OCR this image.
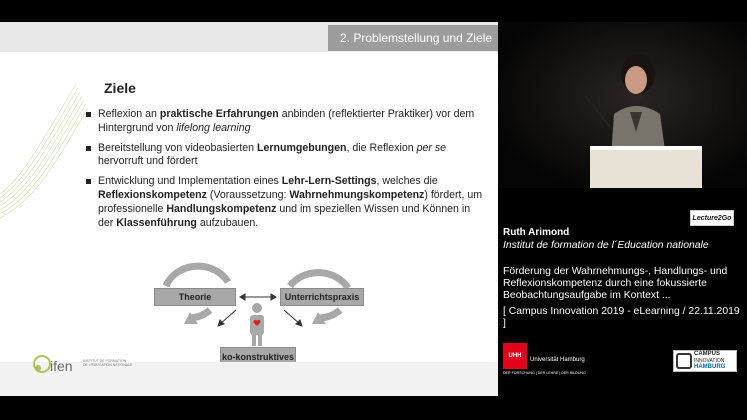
2. Problemstellung und Ziele
Ziele
Reflexion an praktische Erfahrungen anbinden (reflektierter Praktiker) vor dem Hintergrund von lifelong learning
Bereitstellung von videobasierten Lernumgebungen, die Reflexion per se hervorruft und fördert
Entwicklung und Implementation eines Lehr-Lern-Settings, welches die Reflexionskompetenz (Voraussetzung: Wahrnehmungskompetenz) fördert, um professionelle Handlungskompetenz und im speziellen Wissen und Können in der Klassenführung aufzubauen.
Theorie	Unterrichtspraxis
ko-konstruktives

ifen	INSTITUT DE FORMATION
DE L'ÉDUCATION NATIONALE
Lecture2Go
Ruth Arimond
Institut de formation de l´Education nationale
Förderung der Wahrnehmungs-, Handlungs- und Reflexionskompetenz durch eine fokussierte Beobachtungsaufgabe im Kontext ...
[ Campus Innovation 2019 - eLearning / 22.11.2019 ]
UHH
Universität Hamburg
DER FORSCHUNG | DER LEHRE | DER BILDUNG
CAMPUS
INNOVATION
HAMBURG
